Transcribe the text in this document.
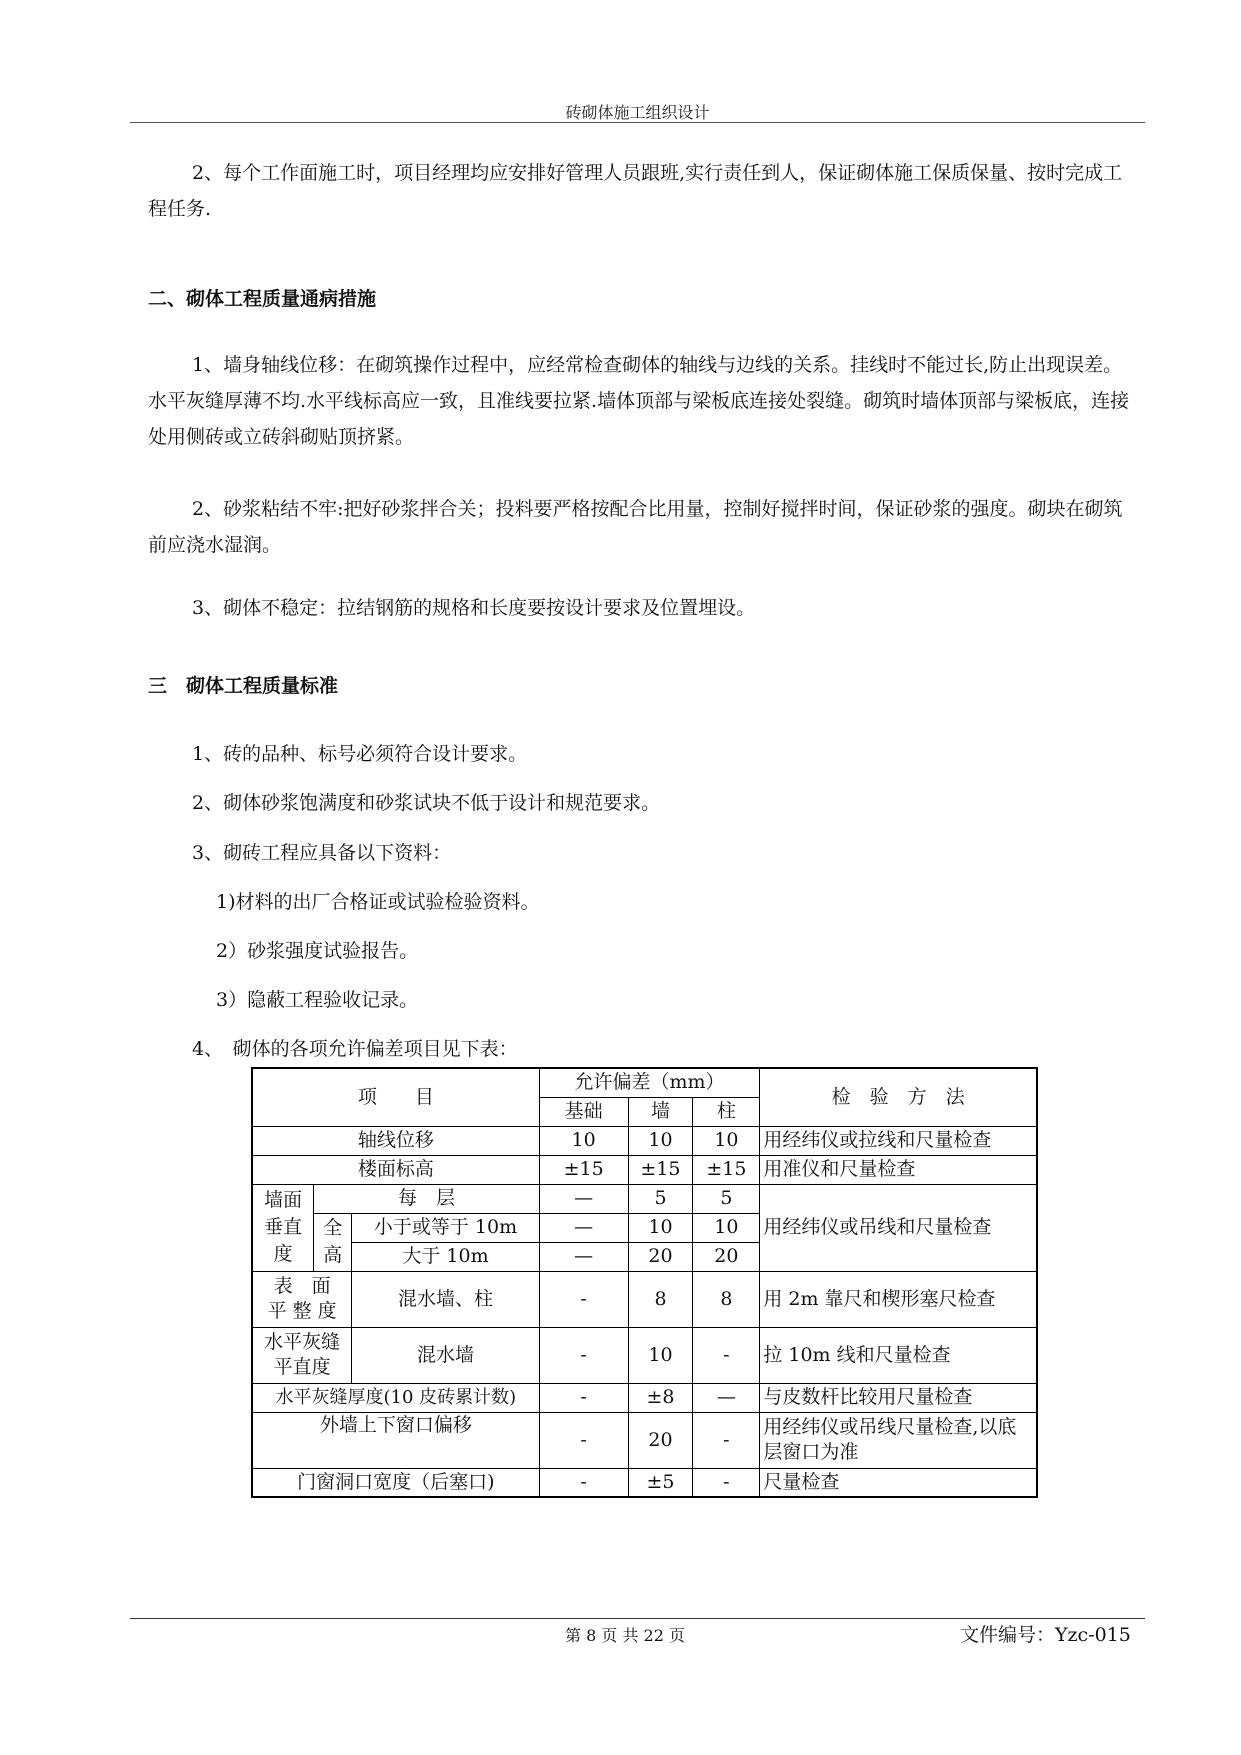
砖砌体施工组织设计
2、每个工作面施工时，项目经理均应安排好管理人员跟班,实行责任到人，保证砌体施工保质保量、按时完成工程任务.
二、砌体工程质量通病措施
1、墙身轴线位移：在砌筑操作过程中，应经常检查砌体的轴线与边线的关系。挂线时不能过长,防止出现误差。水平灰缝厚薄不均.水平线标高应一致，且准线要拉紧.墙体顶部与梁板底连接处裂缝。砌筑时墙体顶部与梁板底，连接处用侧砖或立砖斜砌贴顶挤紧。
2、砂浆粘结不牢:把好砂浆拌合关；投料要严格按配合比用量，控制好搅拌时间，保证砂浆的强度。砌块在砌筑前应浇水湿润。
3、砌体不稳定：拉结钢筋的规格和长度要按设计要求及位置埋设。
三　砌体工程质量标准
1、砖的品种、标号必须符合设计要求。
2、砌体砂浆饱满度和砂浆试块不低于设计和规范要求。
3、砌砖工程应具备以下资料：
1)材料的出厂合格证或试验检验资料。
2）砂浆强度试验报告。
3）隐蔽工程验收记录。
4、　砌体的各项允许偏差项目见下表：
项　　目			允许偏差（mm）			检　验　方　法
			基础	墙	柱	
轴线位移			10	10	10	用经纬仪或拉线和尺量检查
楼面标高			±15	±15	±15	用准仪和尺量检查
墙面垂直度	每　层		—	5	5	用经纬仪或吊线和尺量检查
	全高	小于或等于 10m	—	10	10	
		大于 10m	—	20	20	
表　面
平 整 度		混水墙、柱	-	8	8	用 2m 靠尺和楔形塞尺检查
水平灰缝平直度		混水墙	-	10	-	拉 10m 线和尺量检查
水平灰缝厚度(10 皮砖累计数)			-	±8	—	与皮数杆比较用尺量检查
外墙上下窗口偏移			-	20	-	用经纬仪或吊线尺量检查,以底层窗口为准
门窗洞口宽度（后塞口)			-	±5	-	尺量检查
第 8 页 共 22 页	文件编号：Yzc-015
